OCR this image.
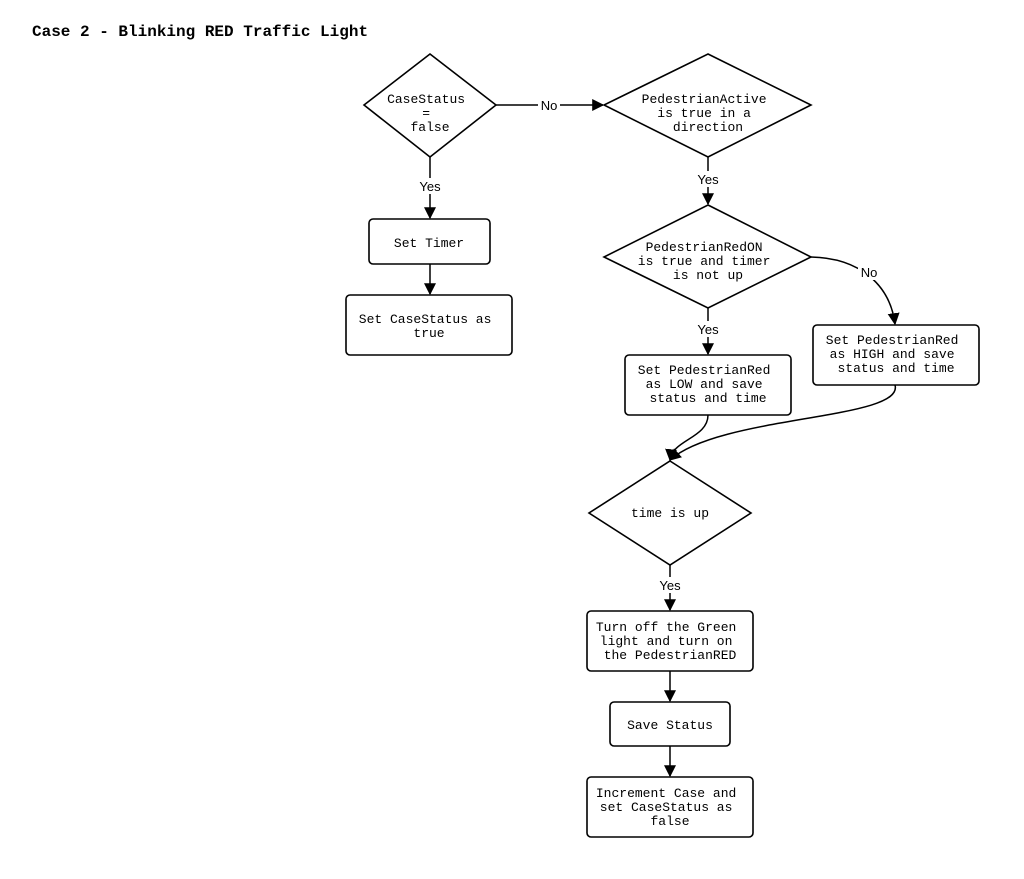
Case 2 - Blinking RED Traffic Light
Yes
No
Yes
Yes
No
Yes
CaseStatus = false
Set Timer
Set CaseStatus as true
PedestrianActive is true in a direction
PedestrianRedON is true and timer is not up
Set PedestrianRed as LOW and save status and time
Set PedestrianRed as HIGH and save status and time
time is up
Turn off the Green light and turn on the PedestrianRED
Save Status
Increment Case and set CaseStatus as false
